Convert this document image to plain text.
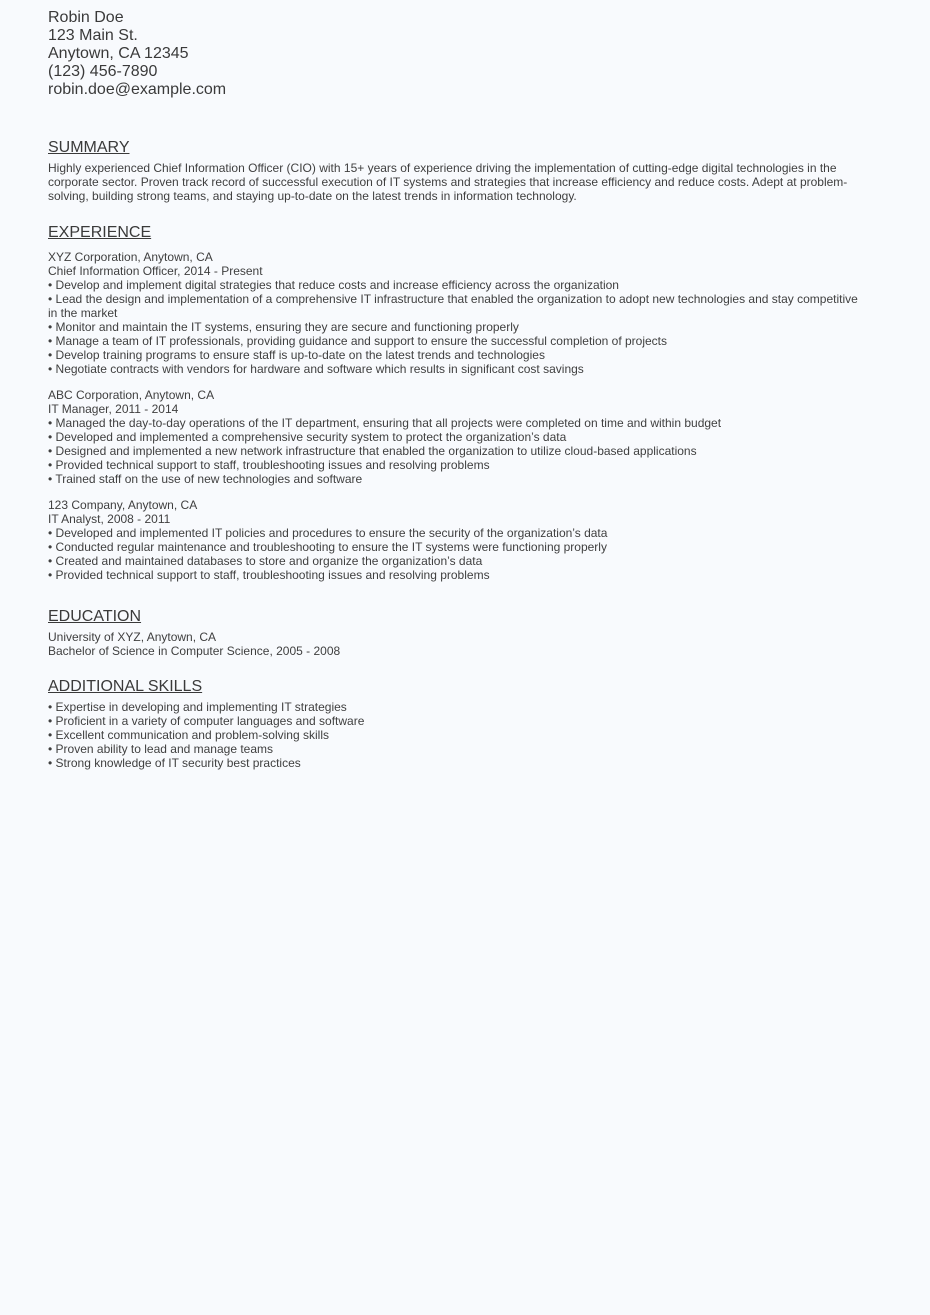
Robin Doe
123 Main St.
Anytown, CA 12345
(123) 456-7890
robin.doe@example.com
SUMMARY
Highly experienced Chief Information Officer (CIO) with 15+ years of experience driving the implementation of cutting-edge digital technologies in the corporate sector. Proven track record of successful execution of IT systems and strategies that increase efficiency and reduce costs. Adept at problem-solving, building strong teams, and staying up-to-date on the latest trends in information technology.
EXPERIENCE
XYZ Corporation, Anytown, CA
Chief Information Officer, 2014 - Present
• Develop and implement digital strategies that reduce costs and increase efficiency across the organization
• Lead the design and implementation of a comprehensive IT infrastructure that enabled the organization to adopt new technologies and stay competitive in the market
• Monitor and maintain the IT systems, ensuring they are secure and functioning properly
• Manage a team of IT professionals, providing guidance and support to ensure the successful completion of projects
• Develop training programs to ensure staff is up-to-date on the latest trends and technologies
• Negotiate contracts with vendors for hardware and software which results in significant cost savings
ABC Corporation, Anytown, CA
IT Manager, 2011 - 2014
• Managed the day-to-day operations of the IT department, ensuring that all projects were completed on time and within budget
• Developed and implemented a comprehensive security system to protect the organization’s data
• Designed and implemented a new network infrastructure that enabled the organization to utilize cloud-based applications
• Provided technical support to staff, troubleshooting issues and resolving problems
• Trained staff on the use of new technologies and software
123 Company, Anytown, CA
IT Analyst, 2008 - 2011
• Developed and implemented IT policies and procedures to ensure the security of the organization’s data
• Conducted regular maintenance and troubleshooting to ensure the IT systems were functioning properly
• Created and maintained databases to store and organize the organization’s data
• Provided technical support to staff, troubleshooting issues and resolving problems
EDUCATION
University of XYZ, Anytown, CA
Bachelor of Science in Computer Science, 2005 - 2008
ADDITIONAL SKILLS
• Expertise in developing and implementing IT strategies
• Proficient in a variety of computer languages and software
• Excellent communication and problem-solving skills
• Proven ability to lead and manage teams
• Strong knowledge of IT security best practices
